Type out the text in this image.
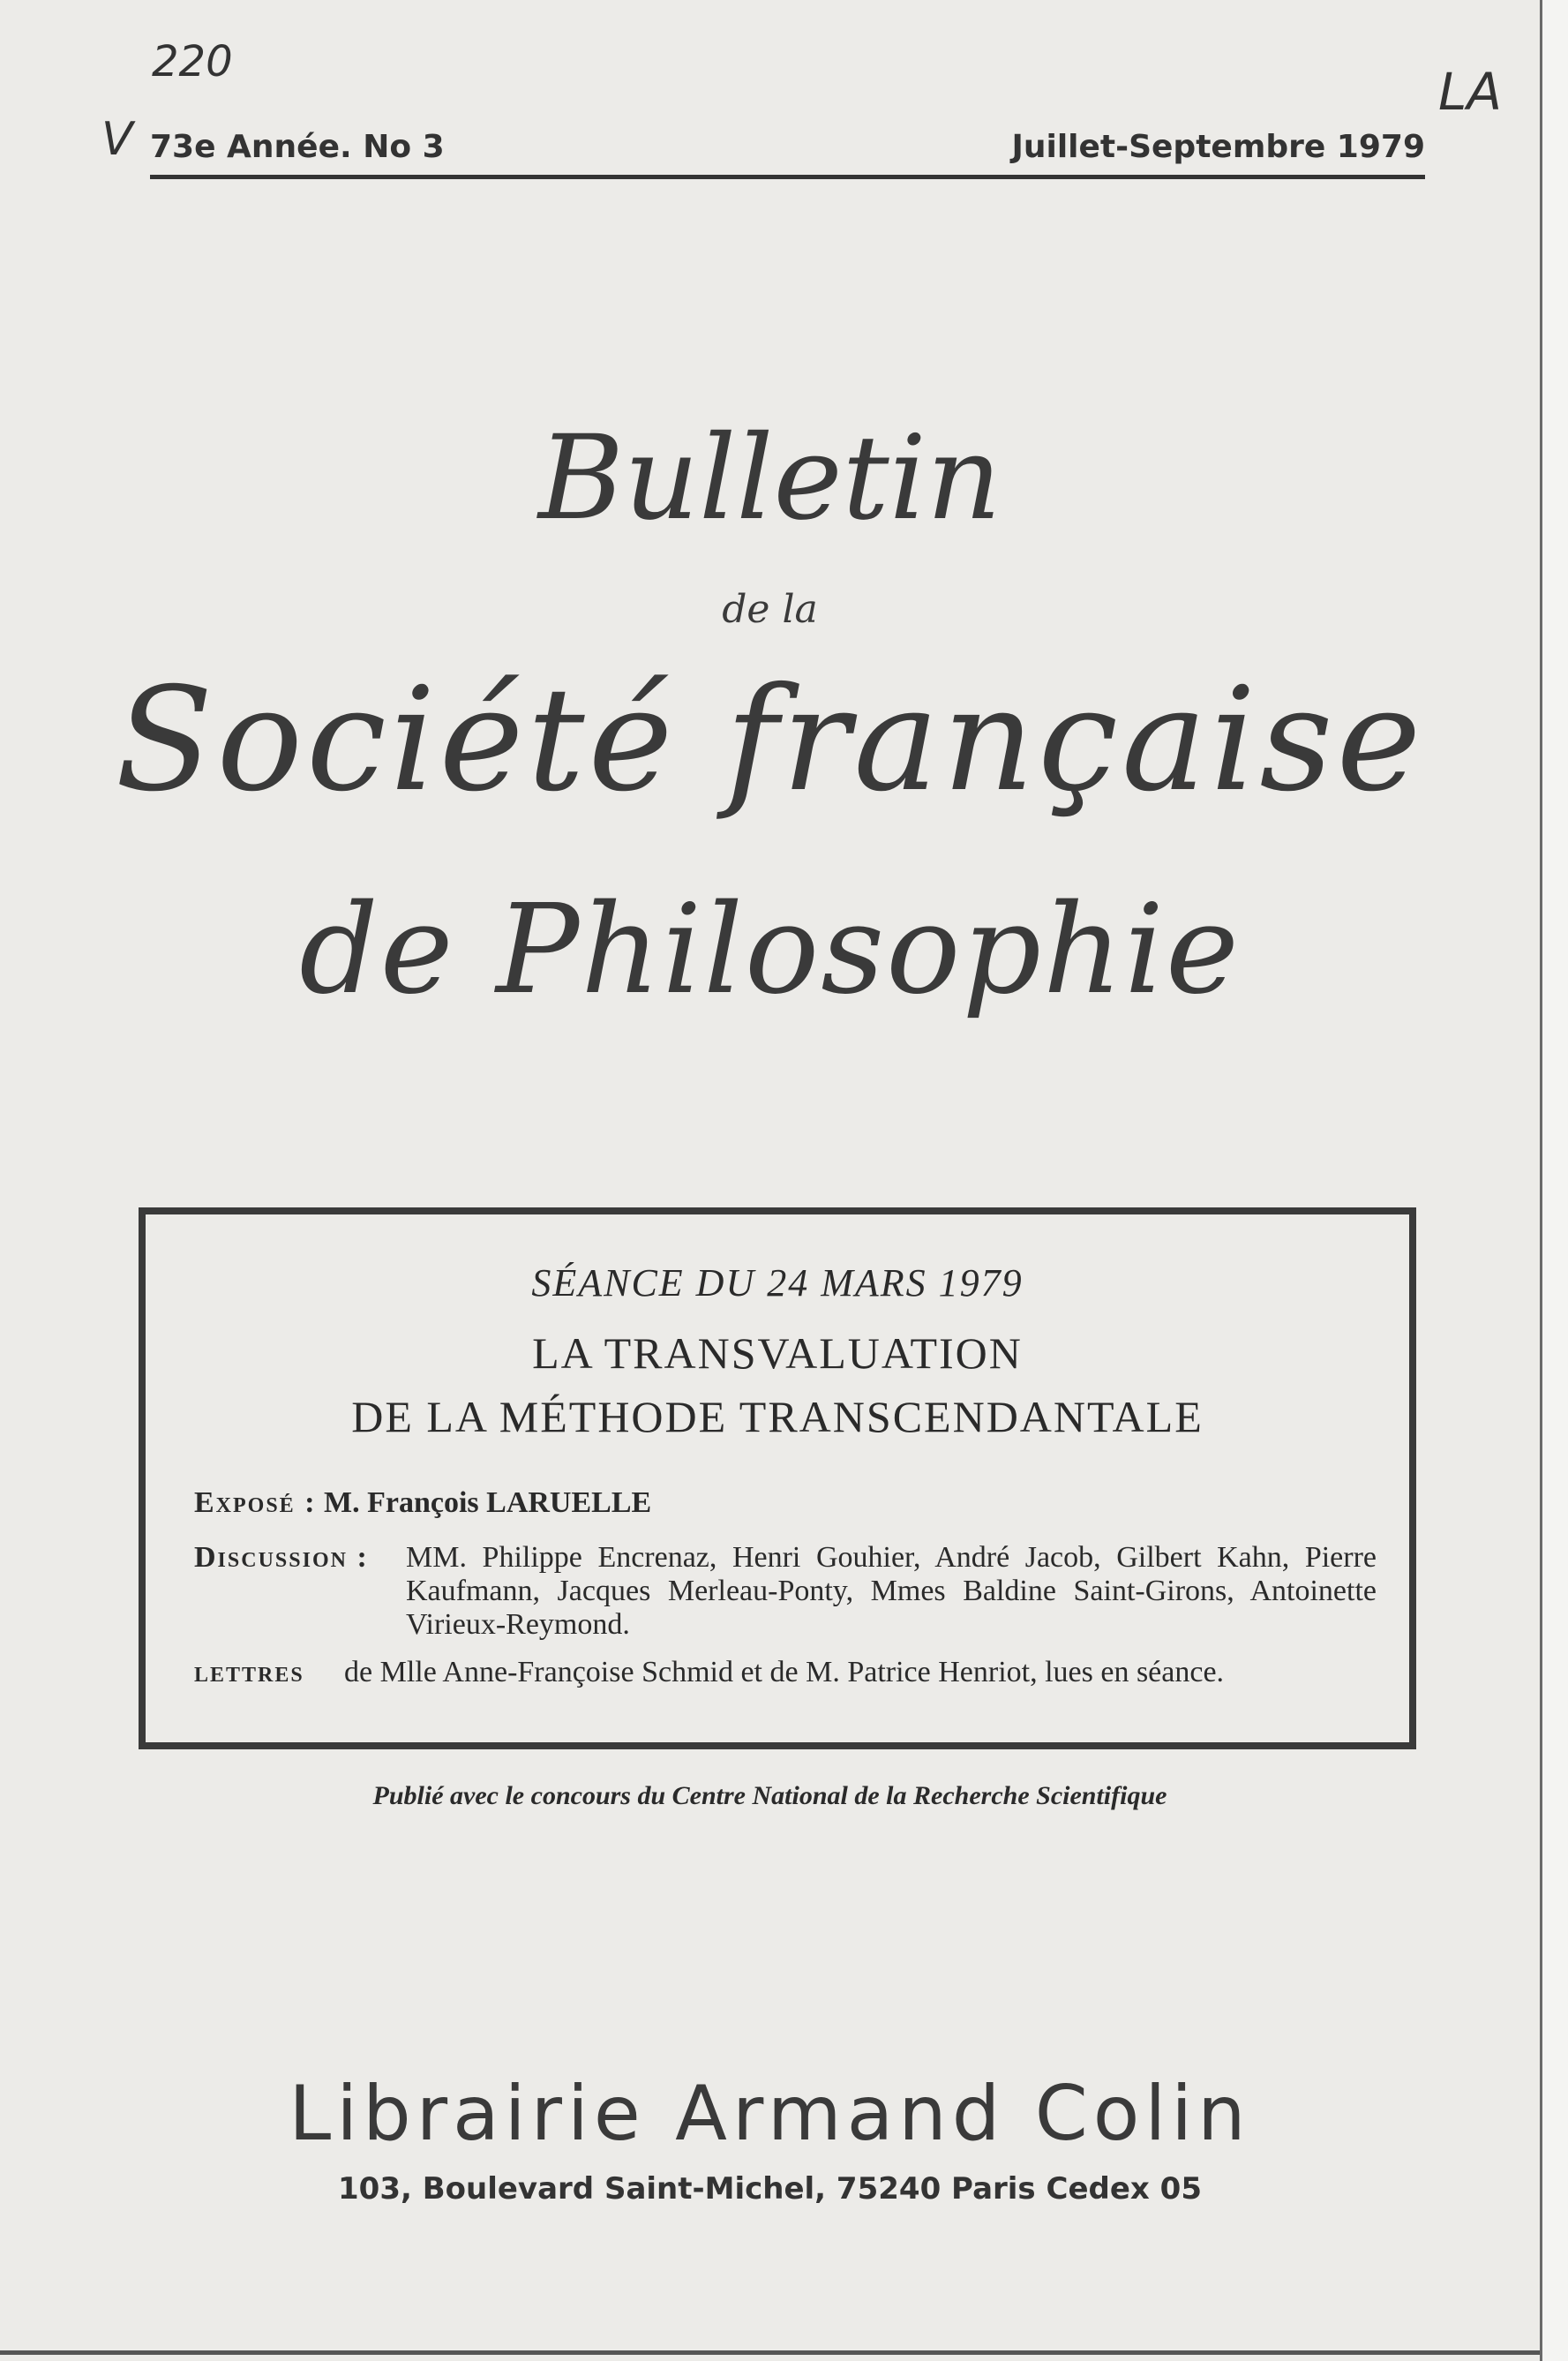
220
V
LA
73e Année. No 3	Juillet-Septembre 1979
Bulletin
de la
Société française
de Philosophie
SÉANCE DU 24 MARS 1979
LA TRANSVALUATION
DE LA MÉTHODE TRANSCENDANTALE
Exposé : M. François LARUELLE
Discussion : MM. Philippe Encrenaz, Henri Gouhier, André Jacob, Gilbert Kahn, Pierre Kaufmann, Jacques Merleau-Ponty, Mmes Baldine Saint-Girons, Antoinette Virieux-Reymond.
lettres de Mlle Anne-Françoise Schmid et de M. Patrice Henriot, lues en séance.
Publié avec le concours du Centre National de la Recherche Scientifique
Librairie Armand Colin
103, Boulevard Saint-Michel, 75240 Paris Cedex 05
